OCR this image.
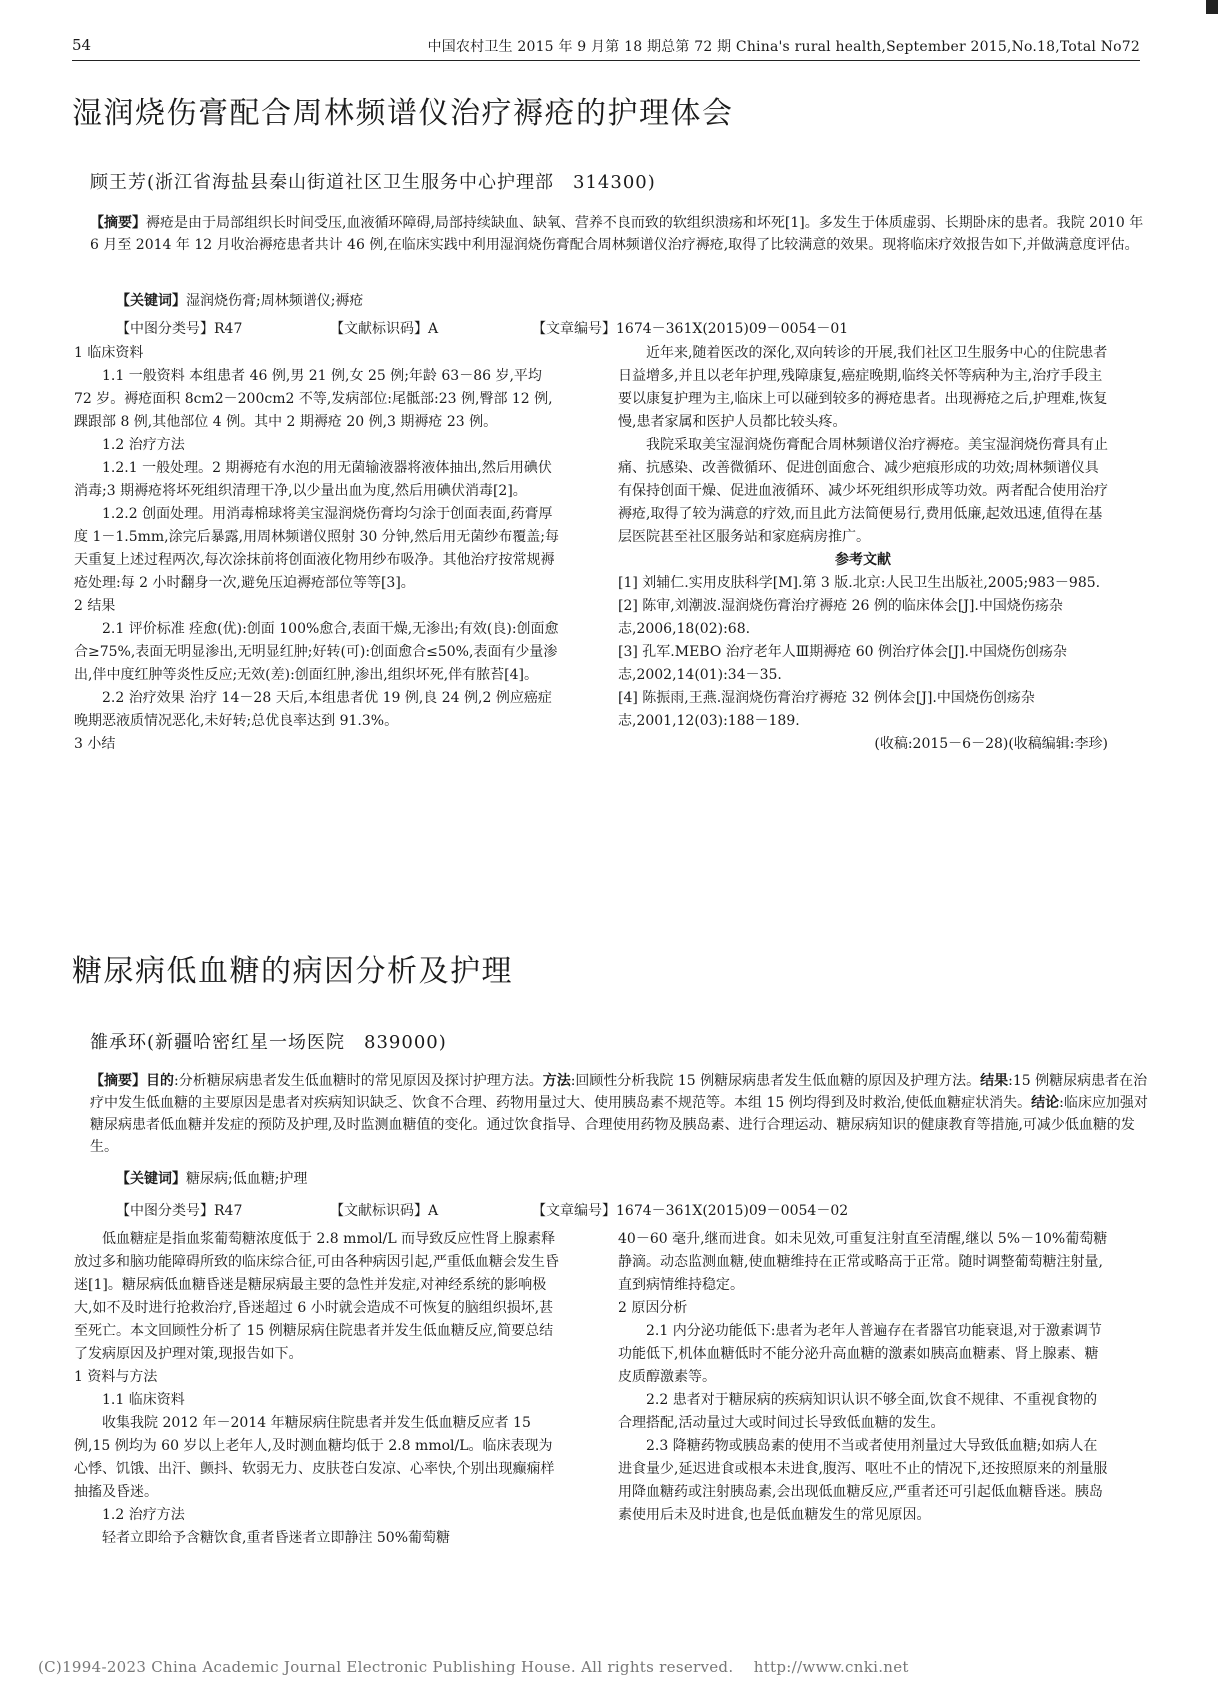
54	中国农村卫生 2015 年 9 月第 18 期总第 72 期 China's rural health,September 2015,No.18,Total No72
湿润烧伤膏配合周林频谱仪治疗褥疮的护理体会
顾王芳(浙江省海盐县秦山街道社区卫生服务中心护理部　314300)
【摘要】褥疮是由于局部组织长时间受压,血液循环障碍,局部持续缺血、缺氧、营养不良而致的软组织溃疡和坏死[1]。多发生于体质虚弱、长期卧床的患者。我院 2010 年 6 月至 2014 年 12 月收治褥疮患者共计 46 例,在临床实践中利用湿润烧伤膏配合周林频谱仪治疗褥疮,取得了比较满意的效果。现将临床疗效报告如下,并做满意度评估。
【关键词】湿润烧伤膏;周林频谱仪;褥疮
【中图分类号】R47	【文献标识码】A	【文章编号】1674－361X(2015)09－0054－01

1 临床资料

1.1 一般资料 本组患者 46 例,男 21 例,女 25 例;年龄 63－86 岁,平均 72 岁。褥疮面积 8cm2－200cm2 不等,发病部位:尾骶部:23 例,臀部 12 例,踝跟部 8 例,其他部位 4 例。其中 2 期褥疮 20 例,3 期褥疮 23 例。

1.2 治疗方法

1.2.1 一般处理。2 期褥疮有水泡的用无菌输液器将液体抽出,然后用碘伏消毒;3 期褥疮将坏死组织清理干净,以少量出血为度,然后用碘伏消毒[2]。

1.2.2 创面处理。用消毒棉球将美宝湿润烧伤膏均匀涂于创面表面,药膏厚度 1－1.5mm,涂完后暴露,用周林频谱仪照射 30 分钟,然后用无菌纱布覆盖;每天重复上述过程两次,每次涂抹前将创面液化物用纱布吸净。其他治疗按常规褥疮处理:每 2 小时翻身一次,避免压迫褥疮部位等等[3]。

2 结果

2.1 评价标准 痊愈(优):创面 100%愈合,表面干燥,无渗出;有效(良):创面愈合≥75%,表面无明显渗出,无明显红肿;好转(可):创面愈合≤50%,表面有少量渗出,伴中度红肿等炎性反应;无效(差):创面红肿,渗出,组织坏死,伴有脓苔[4]。

2.2 治疗效果 治疗 14－28 天后,本组患者优 19 例,良 24 例,2 例应癌症晚期恶液质情况恶化,未好转;总优良率达到 91.3%。

3 小结

近年来,随着医改的深化,双向转诊的开展,我们社区卫生服务中心的住院患者日益增多,并且以老年护理,残障康复,癌症晚期,临终关怀等病种为主,治疗手段主要以康复护理为主,临床上可以碰到较多的褥疮患者。出现褥疮之后,护理难,恢复慢,患者家属和医护人员都比较头疼。

我院采取美宝湿润烧伤膏配合周林频谱仪治疗褥疮。美宝湿润烧伤膏具有止痛、抗感染、改善微循环、促进创面愈合、减少疤痕形成的功效;周林频谱仪具有保持创面干燥、促进血液循环、减少坏死组织形成等功效。两者配合使用治疗褥疮,取得了较为满意的疗效,而且此方法简便易行,费用低廉,起效迅速,值得在基层医院甚至社区服务站和家庭病房推广。

参考文献

[1] 刘辅仁.实用皮肤科学[M].第 3 版.北京:人民卫生出版社,2005;983－985.

[2] 陈审,刘潮波.湿润烧伤膏治疗褥疮 26 例的临床体会[J].中国烧伤疡杂志,2006,18(02):68.

[3] 孔军.MEBO 治疗老年人Ⅲ期褥疮 60 例治疗体会[J].中国烧伤创疡杂志,2002,14(01):34－35.

[4] 陈振雨,王燕.湿润烧伤膏治疗褥疮 32 例体会[J].中国烧伤创疡杂志,2001,12(03):188－189.

(收稿:2015－6－28)(收稿编辑:李珍)

糖尿病低血糖的病因分析及护理
雒承环(新疆哈密红星一场医院　839000)
【摘要】目的:分析糖尿病患者发生低血糖时的常见原因及探讨护理方法。方法:回顾性分析我院 15 例糖尿病患者发生低血糖的原因及护理方法。结果:15 例糖尿病患者在治疗中发生低血糖的主要原因是患者对疾病知识缺乏、饮食不合理、药物用量过大、使用胰岛素不规范等。本组 15 例均得到及时救治,使低血糖症状消失。结论:临床应加强对糖尿病患者低血糖并发症的预防及护理,及时监测血糖值的变化。通过饮食指导、合理使用药物及胰岛素、进行合理运动、糖尿病知识的健康教育等措施,可减少低血糖的发生。
【关键词】糖尿病;低血糖;护理
【中图分类号】R47	【文献标识码】A	【文章编号】1674－361X(2015)09－0054－02

低血糖症是指血浆葡萄糖浓度低于 2.8 mmol/L 而导致反应性肾上腺素释放过多和脑功能障碍所致的临床综合征,可由各种病因引起,严重低血糖会发生昏迷[1]。糖尿病低血糖昏迷是糖尿病最主要的急性并发症,对神经系统的影响极大,如不及时进行抢救治疗,昏迷超过 6 小时就会造成不可恢复的脑组织损坏,甚至死亡。本文回顾性分析了 15 例糖尿病住院患者并发生低血糖反应,简要总结了发病原因及护理对策,现报告如下。

1 资料与方法

1.1 临床资料

收集我院 2012 年－2014 年糖尿病住院患者并发生低血糖反应者 15 例,15 例均为 60 岁以上老年人,及时测血糖均低于 2.8 mmol/L。临床表现为心悸、饥饿、出汗、颤抖、软弱无力、皮肤苍白发凉、心率快,个别出现癫痫样抽搐及昏迷。

1.2 治疗方法

轻者立即给予含糖饮食,重者昏迷者立即静注 50%葡萄糖

40－60 毫升,继而进食。如未见效,可重复注射直至清醒,继以 5%－10%葡萄糖静滴。动态监测血糖,使血糖维持在正常或略高于正常。随时调整葡萄糖注射量,直到病情维持稳定。

2 原因分析

2.1 内分泌功能低下:患者为老年人普遍存在者器官功能衰退,对于激素调节功能低下,机体血糖低时不能分泌升高血糖的激素如胰高血糖素、肾上腺素、糖皮质醇激素等。

2.2 患者对于糖尿病的疾病知识认识不够全面,饮食不规律、不重视食物的合理搭配,活动量过大或时间过长导致低血糖的发生。

2.3 降糖药物或胰岛素的使用不当或者使用剂量过大导致低血糖;如病人在进食量少,延迟进食或根本未进食,腹泻、呕吐不止的情况下,还按照原来的剂量服用降血糖药或注射胰岛素,会出现低血糖反应,严重者还可引起低血糖昏迷。胰岛素使用后未及时进食,也是低血糖发生的常见原因。

(C)1994-2023 China Academic Journal Electronic Publishing House. All rights reserved.　 http://www.cnki.net
